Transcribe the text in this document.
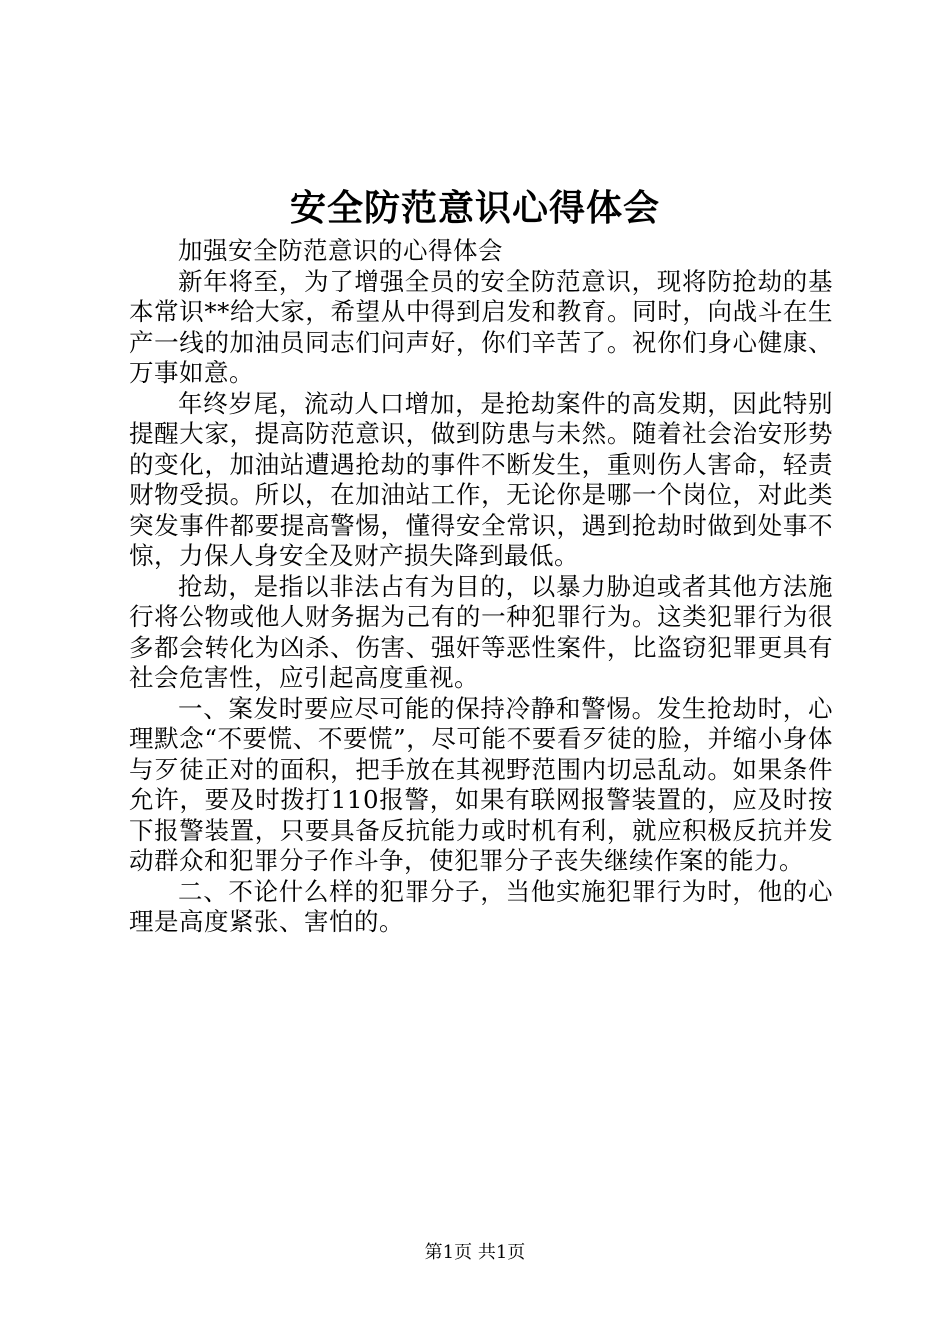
安全防范意识心得体会

加强安全防范意识的心得体会

新年将至，为了增强全员的安全防范意识，现将防抢劫的基本常识**给大家，希望从中得到启发和教育。同时，向战斗在生产一线的加油员同志们问声好，你们辛苦了。祝你们身心健康、万事如意。

年终岁尾，流动人口增加，是抢劫案件的高发期，因此特别提醒大家，提高防范意识，做到防患与未然。随着社会治安形势的变化，加油站遭遇抢劫的事件不断发生，重则伤人害命，轻责财物受损。所以，在加油站工作，无论你是哪一个岗位，对此类突发事件都要提高警惕，懂得安全常识，遇到抢劫时做到处事不惊，力保人身安全及财产损失降到最低。

抢劫，是指以非法占有为目的，以暴力胁迫或者其他方法施行将公物或他人财务据为己有的一种犯罪行为。这类犯罪行为很多都会转化为凶杀、伤害、强奸等恶性案件，比盗窃犯罪更具有社会危害性，应引起高度重视。

一、案发时要应尽可能的保持冷静和警惕。发生抢劫时，心理默念“不要慌、不要慌”，尽可能不要看歹徒的脸，并缩小身体与歹徒正对的面积，把手放在其视野范围内切忌乱动。如果条件允许，要及时拨打110报警，如果有联网报警装置的，应及时按下报警装置，只要具备反抗能力或时机有利，就应积极反抗并发动群众和犯罪分子作斗争，使犯罪分子丧失继续作案的能力。

二、不论什么样的犯罪分子，当他实施犯罪行为时，他的心理是高度紧张、害怕的。

第1页 共1页
